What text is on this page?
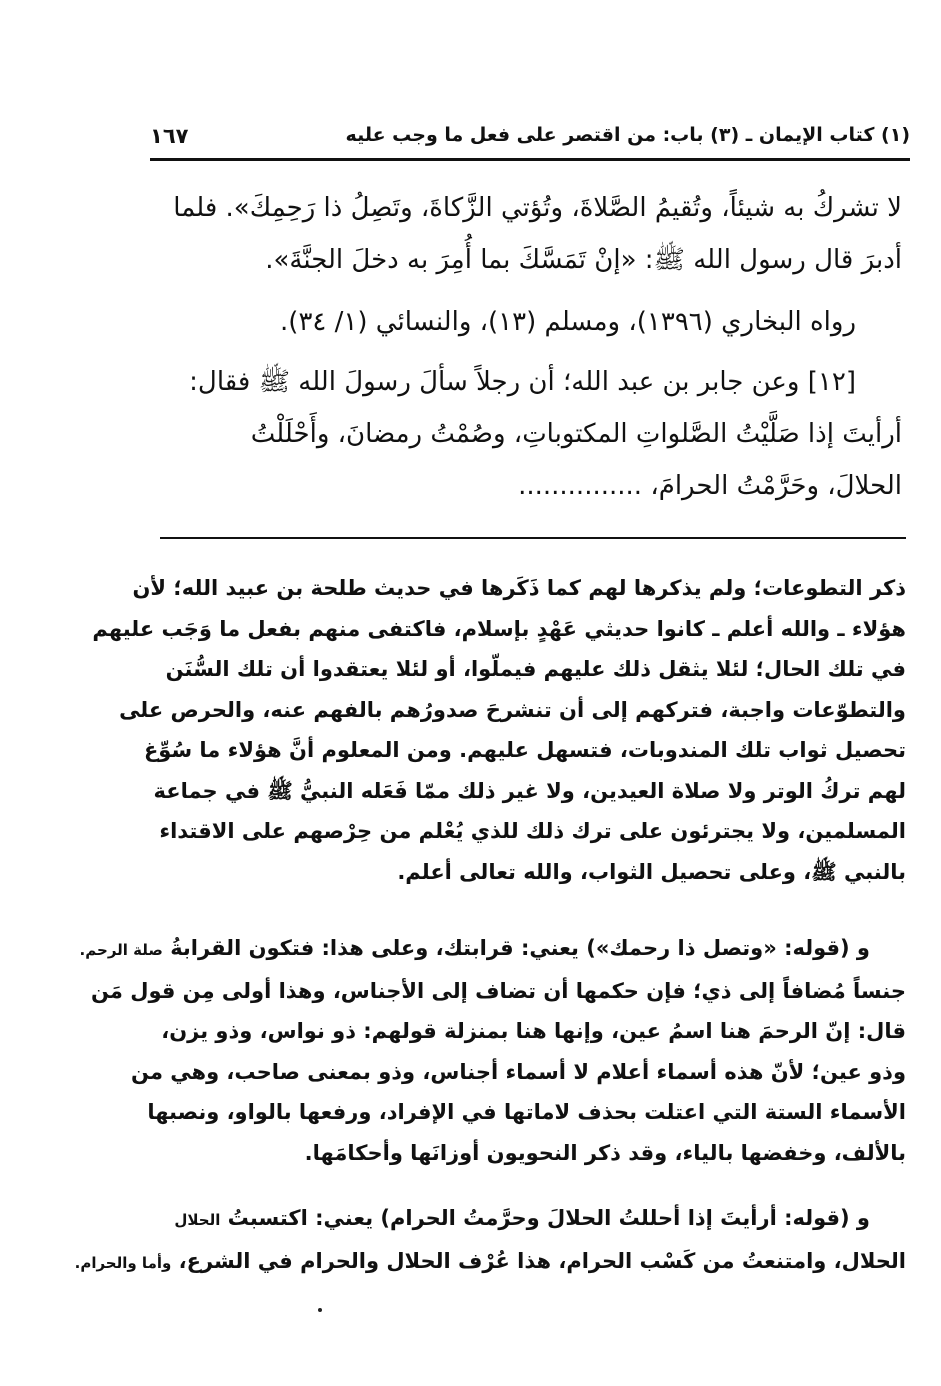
(١) كتاب الإيمان ـ (٣) باب: من اقتصر على فعل ما وجب عليه
١٦٧
لا تشركُ به شيئاً، وتُقيمُ الصَّلاةَ، وتُؤتي الزَّكاةَ، وتَصِلُ ذا رَحِمِكَ». فلما
أدبرَ قال رسول الله ﷺ: «إنْ تَمَسَّكَ بما أُمِرَ به دخلَ الجنَّةَ».
رواه البخاري (١٣٩٦)، ومسلم (١٣)، والنسائي (١/ ٣٤).
[١٢] وعن جابر بن عبد الله؛ أن رجلاً سألَ رسولَ الله ﷺ فقال:
أرأيتَ إذا صَلَّيْتُ الصَّلواتِ المكتوباتِ، وصُمْتُ رمضانَ، وأَحْلَلْتُ
الحلالَ، وحَرَّمْتُ الحرامَ، ...............
ذكر التطوعات؛ ولم يذكرها لهم كما ذَكَرها في حديث طلحة بن عبيد الله؛ لأن
هؤلاء ـ والله أعلم ـ كانوا حديثي عَهْدٍ بإسلام، فاكتفى منهم بفعل ما وَجَب عليهم
في تلك الحال؛ لئلا يثقل ذلك عليهم فيملّوا، أو لئلا يعتقدوا أن تلك السُّنَن
والتطوّعات واجبة، فتركهم إلى أن تنشرحَ صدورُهم بالفهم عنه، والحرص على
تحصيل ثواب تلك المندوبات، فتسهل عليهم. ومن المعلوم أنَّ هؤلاء ما سُوِّغ
لهم تركُ الوتر ولا صلاة العيدين، ولا غير ذلك ممّا فَعَله النبيُّ ﷺ في جماعة
المسلمين، ولا يجترئون على ترك ذلك للذي يُعْلم من حِرْصهم على الاقتداء
بالنبي ﷺ، وعلى تحصيل الثواب، والله تعالى أعلم.
و (قوله: «وتصل ذا رحمك») يعني: قرابتك، وعلى هذا: فتكون القرابةُ صلة الرحم.
جنساً مُضافاً إلى ذي؛ فإن حكمها أن تضاف إلى الأجناس، وهذا أولى مِن قول مَن
قال: إنّ الرحمَ هنا اسمُ عين، وإنها هنا بمنزلة قولهم: ذو نواس، وذو يزن،
وذو عين؛ لأنّ هذه أسماء أعلام لا أسماء أجناس، وذو بمعنى صاحب، وهي من
الأسماء الستة التي اعتلت بحذف لاماتها في الإفراد، ورفعها بالواو، ونصبها
بالألف، وخفضها بالياء، وقد ذكر النحويون أوزانَها وأحكامَها.
و (قوله: أرأيتَ إذا أحللتُ الحلالَ وحرَّمتُ الحرام) يعني: اكتسبتُ الحلال
الحلال، وامتنعتُ من كَسْب الحرام، هذا عُرْف الحلال والحرام في الشرع، وأما والحرام.
